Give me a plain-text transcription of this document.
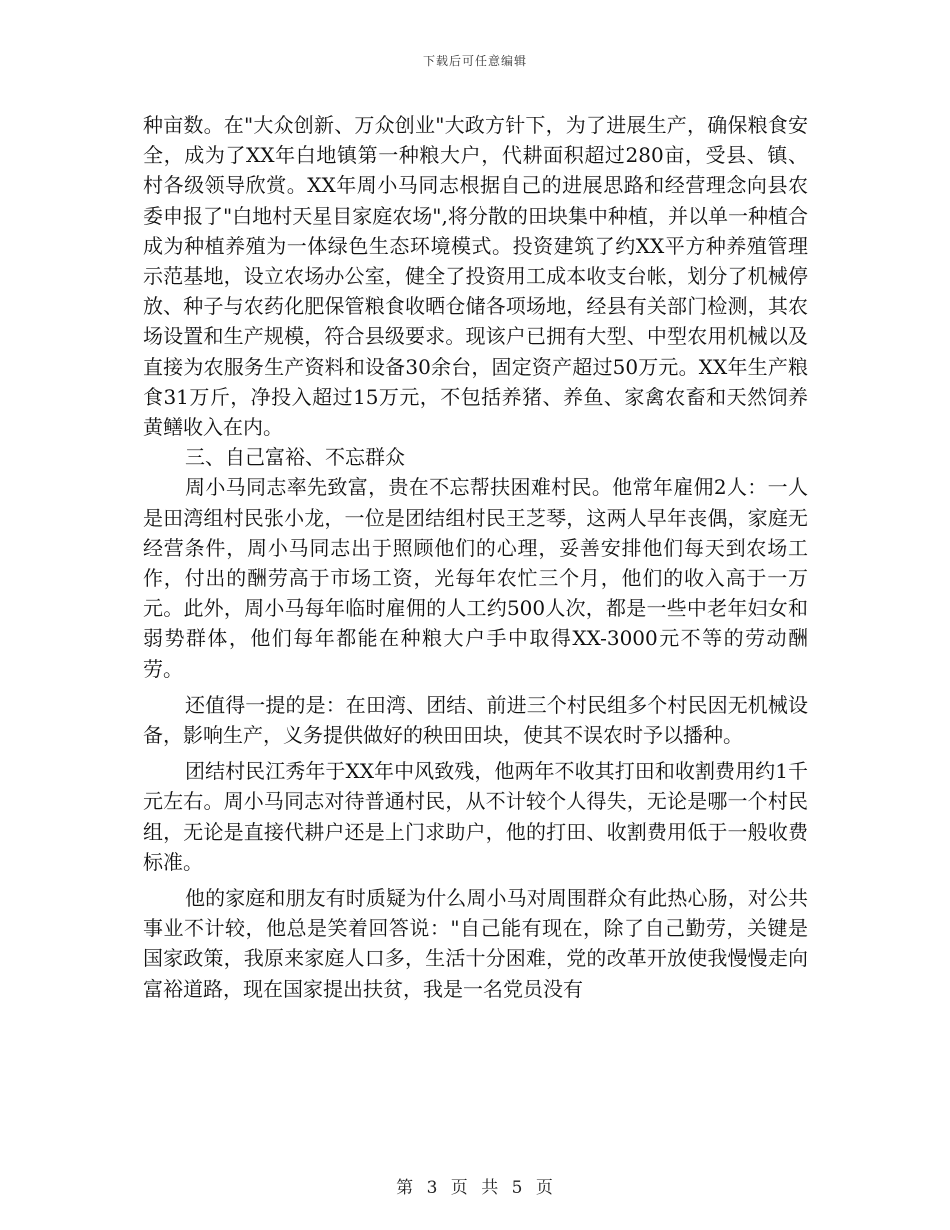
下载后可任意编辑

种亩数。在"大众创新、万众创业"大政方针下，为了进展生产，确保粮食安全，成为了XX年白地镇第一种粮大户，代耕面积超过280亩，受县、镇、村各级领导欣赏。XX年周小马同志根据自己的进展思路和经营理念向县农委申报了"白地村天星目家庭农场",将分散的田块集中种植，并以单一种植合成为种植养殖为一体绿色生态环境模式。投资建筑了约XX平方种养殖管理示范基地，设立农场办公室，健全了投资用工成本收支台帐，划分了机械停放、种子与农药化肥保管粮食收晒仓储各项场地，经县有关部门检测，其农场设置和生产规模，符合县级要求。现该户已拥有大型、中型农用机械以及直接为农服务生产资料和设备30余台，固定资产超过50万元。XX年生产粮食31万斤，净投入超过15万元，不包括养猪、养鱼、家禽农畜和天然饲养黄鳝收入在内。

三、自己富裕、不忘群众

周小马同志率先致富，贵在不忘帮扶困难村民。他常年雇佣2人：一人是田湾组村民张小龙，一位是团结组村民王芝琴，这两人早年丧偶，家庭无经营条件，周小马同志出于照顾他们的心理，妥善安排他们每天到农场工作，付出的酬劳高于市场工资，光每年农忙三个月，他们的收入高于一万元。此外，周小马每年临时雇佣的人工约500人次，都是一些中老年妇女和弱势群体，他们每年都能在种粮大户手中取得XX-3000元不等的劳动酬劳。

还值得一提的是：在田湾、团结、前进三个村民组多个村民因无机械设备，影响生产，义务提供做好的秧田田块，使其不误农时予以播种。

团结村民江秀年于XX年中风致残，他两年不收其打田和收割费用约1千元左右。周小马同志对待普通村民，从不计较个人得失，无论是哪一个村民组，无论是直接代耕户还是上门求助户，他的打田、收割费用低于一般收费标准。

他的家庭和朋友有时质疑为什么周小马对周围群众有此热心肠，对公共事业不计较，他总是笑着回答说："自己能有现在，除了自己勤劳，关键是国家政策，我原来家庭人口多，生活十分困难，党的改革开放使我慢慢走向富裕道路，现在国家提出扶贫，我是一名党员没有

第 3 页 共 5 页
